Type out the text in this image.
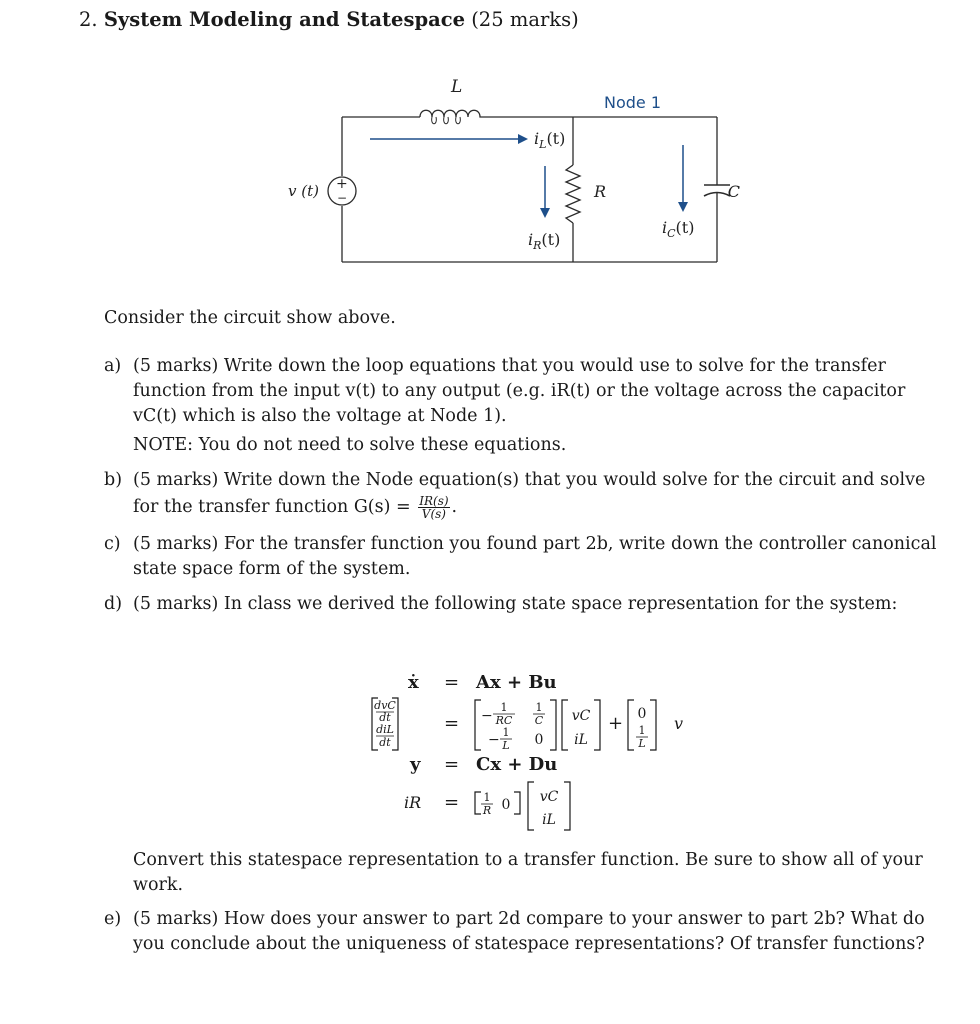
2. System Modeling and Statespace (25 marks)
+
−
L
Node 1
$i_L(t)$
v (t)	R	C
$i_R(t)$
$i_C(t)$
Consider the circuit show above.
a) (5 marks) Write down the loop equations that you would use to solve for the transfer
function from the input v(t) to any output (e.g. iR(t) or the voltage across the capacitor
vC(t) which is also the voltage at Node 1).
NOTE: You do not need to solve these equations.
b) (5 marks) Write down the Node equation(s) that you would solve for the circuit and solve
for the transfer function $G(s) = \frac{IR(s)}{V(s)}$ .
c) (5 marks) For the transfer function you found part 2b, write down the controller canonical
state space form of the system.
d) (5 marks) In class we derived the following state space representation for the system:
ẋ = Ax + Bu
dvC
dt
diL
dt
= −
1
RC
1
C
− 1
L 0
vC
iL
+ 0
1
L
v
y = Cx + Du
iR = 1
R 0 vC
iL
Convert this statespace representation to a transfer function. Be sure to show all of your
work.
e) (5 marks) How does your answer to part 2d compare to your answer to part 2b? What do
you conclude about the uniqueness of statespace representations? Of transfer functions?
